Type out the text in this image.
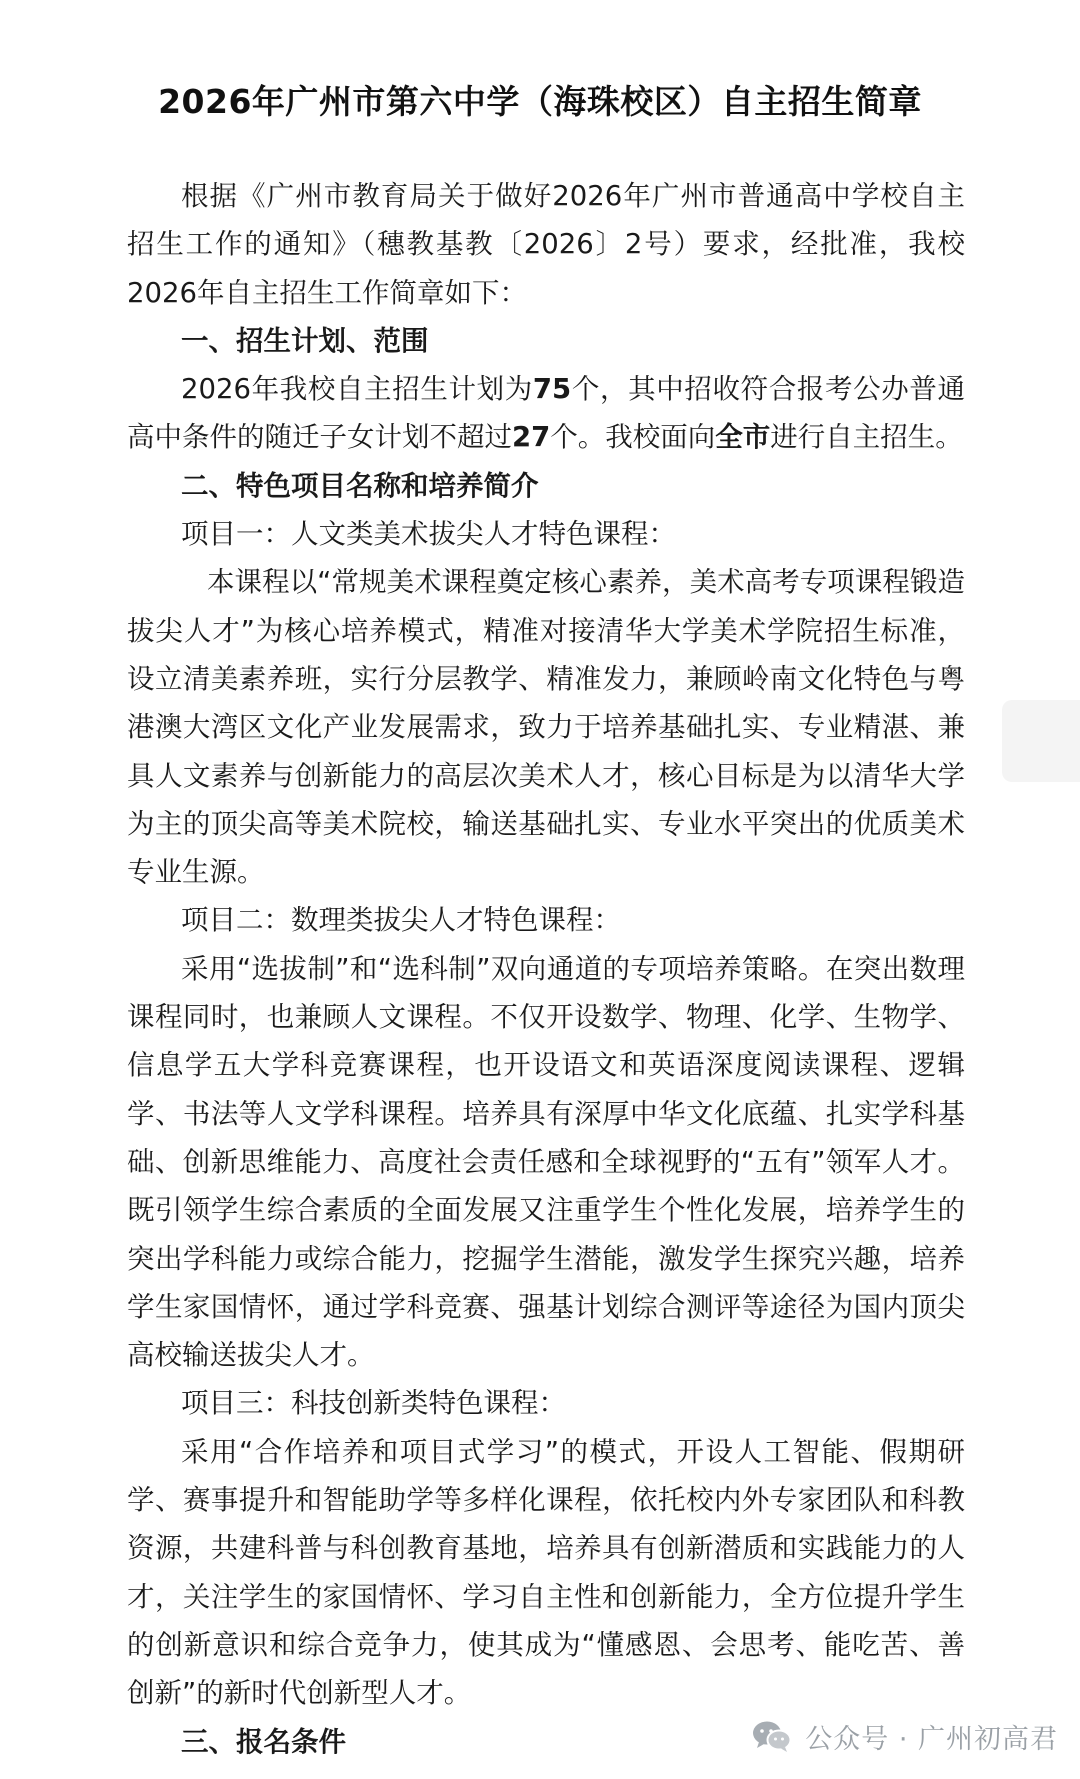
2026年广州市第六中学（海珠校区）自主招生简章

根据《广州市教育局关于做好2026年广州市普通高中学校自主招生工作的通知》（穗教基教〔2026〕2号）要求，经批准，我校2026年自主招生工作简章如下：

一、招生计划、范围

2026年我校自主招生计划为75个，其中招收符合报考公办普通高中条件的随迁子女计划不超过27个。我校面向全市进行自主招生。

二、特色项目名称和培养简介

项目一：人文类美术拔尖人才特色课程：

本课程以“常规美术课程奠定核心素养，美术高考专项课程锻造拔尖人才”为核心培养模式，精准对接清华大学美术学院招生标准，设立清美素养班，实行分层教学、精准发力，兼顾岭南文化特色与粤港澳大湾区文化产业发展需求，致力于培养基础扎实、专业精湛、兼具人文素养与创新能力的高层次美术人才，核心目标是为以清华大学为主的顶尖高等美术院校，输送基础扎实、专业水平突出的优质美术专业生源。

项目二：数理类拔尖人才特色课程：

采用“选拔制”和“选科制”双向通道的专项培养策略。在突出数理课程同时，也兼顾人文课程。不仅开设数学、物理、化学、生物学、信息学五大学科竞赛课程，也开设语文和英语深度阅读课程、逻辑学、书法等人文学科课程。培养具有深厚中华文化底蕴、扎实学科基础、创新思维能力、高度社会责任感和全球视野的“五有”领军人才。既引领学生综合素质的全面发展又注重学生个性化发展，培养学生的突出学科能力或综合能力，挖掘学生潜能，激发学生探究兴趣，培养学生家国情怀，通过学科竞赛、强基计划综合测评等途径为国内顶尖高校输送拔尖人才。

项目三：科技创新类特色课程：

采用“合作培养和项目式学习”的模式，开设人工智能、假期研学、赛事提升和智能助学等多样化课程，依托校内外专家团队和科教资源，共建科普与科创教育基地，培养具有创新潜质和实践能力的人才，关注学生的家国情怀、学习自主性和创新能力，全方位提升学生的创新意识和综合竞争力，使其成为“懂感恩、会思考、能吃苦、善创新”的新时代创新型人才。

三、报名条件	公众号 · 广州初高君
